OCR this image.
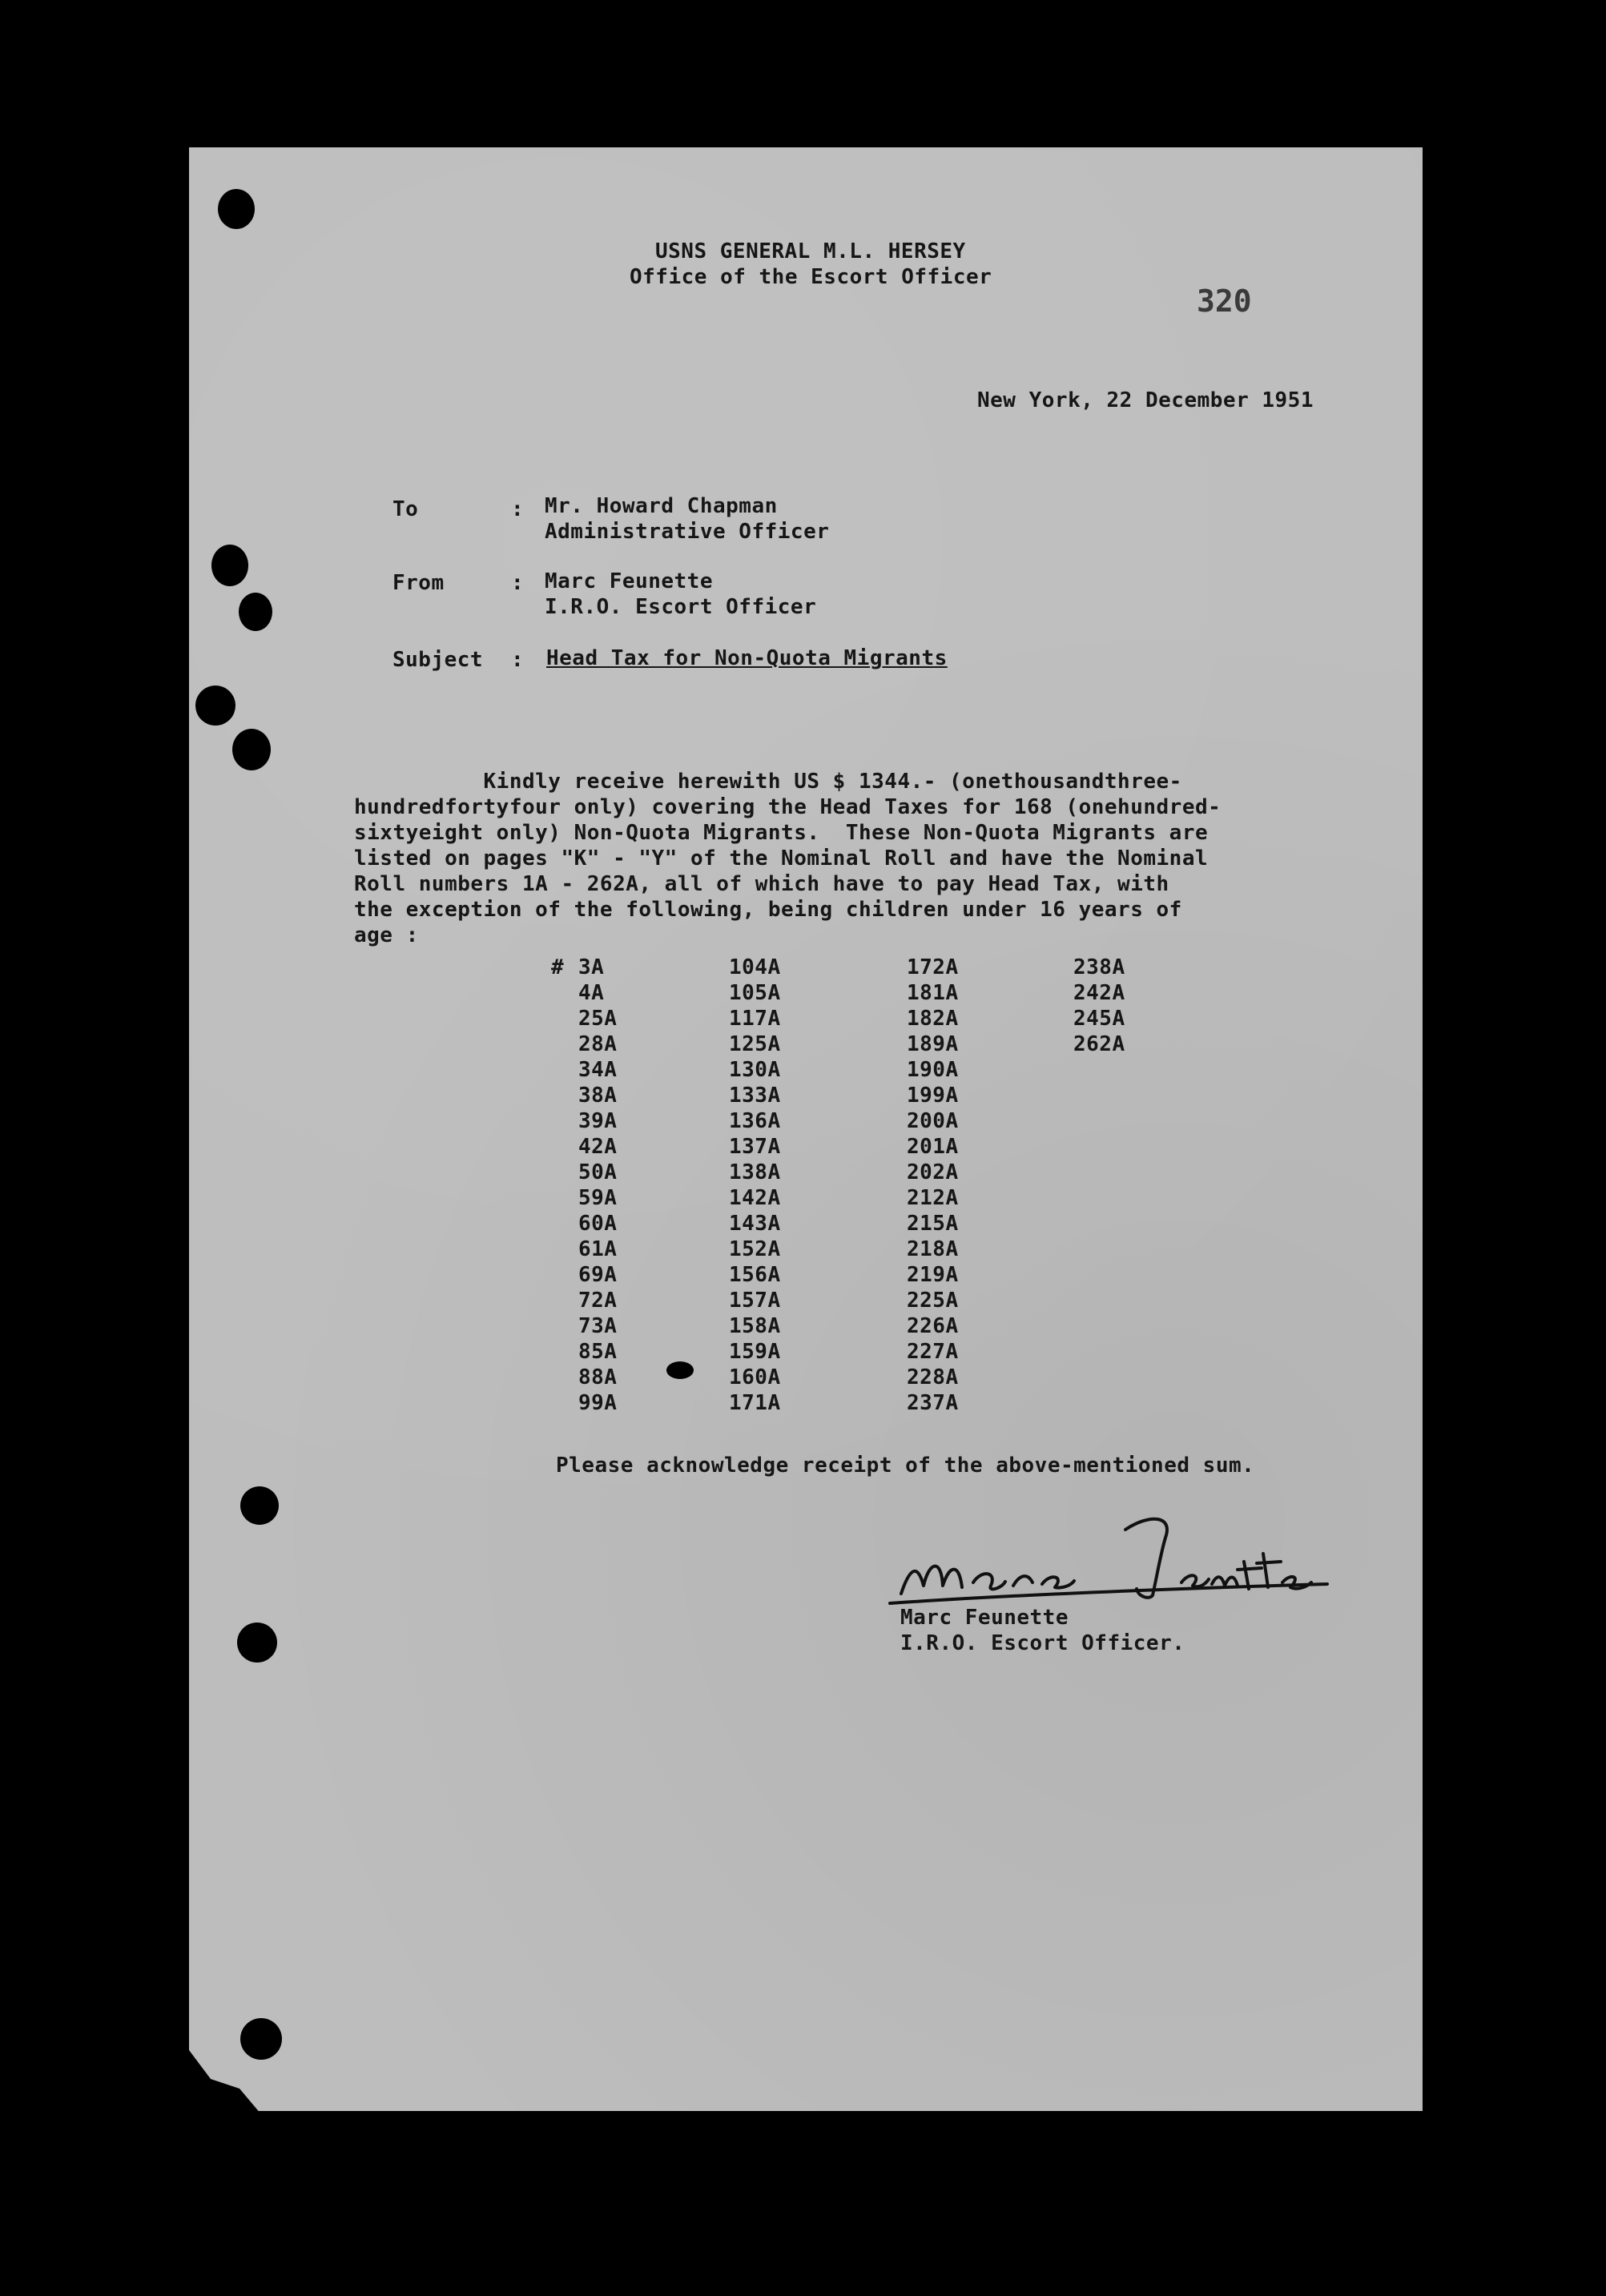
USNS GENERAL M.L. HERSEY
Office of the Escort Officer
320
New York, 22 December 1951
To	: Mr. Howard Chapman
Administrative Officer
From	: Marc Feunette
I.R.O. Escort Officer
Subject : Head Tax for Non-Quota Migrants
Kindly receive herewith US $ 1344.- (onethousandthree-
hundredfortyfour only) covering the Head Taxes for 168 (onehundred-
sixtyeight only) Non-Quota Migrants.  These Non-Quota Migrants are
listed on pages "K" - "Y" of the Nominal Roll and have the Nominal
Roll numbers 1A - 262A, all of which have to pay Head Tax, with
the exception of the following, being children under 16 years of
age :
# 3A
4A
25A
28A
34A
38A
39A
42A
50A
59A
60A
61A
69A
72A
73A
85A
88A
99A
104A
105A
117A
125A
130A
133A
136A
137A
138A
142A
143A
152A
156A
157A
158A
159A
160A
171A
172A
181A
182A
189A
190A
199A
200A
201A
202A
212A
215A
218A
219A
225A
226A
227A
228A
237A
238A
242A
245A
262A
Please acknowledge receipt of the above-mentioned sum.
Marc Feunette
I.R.O. Escort Officer.
